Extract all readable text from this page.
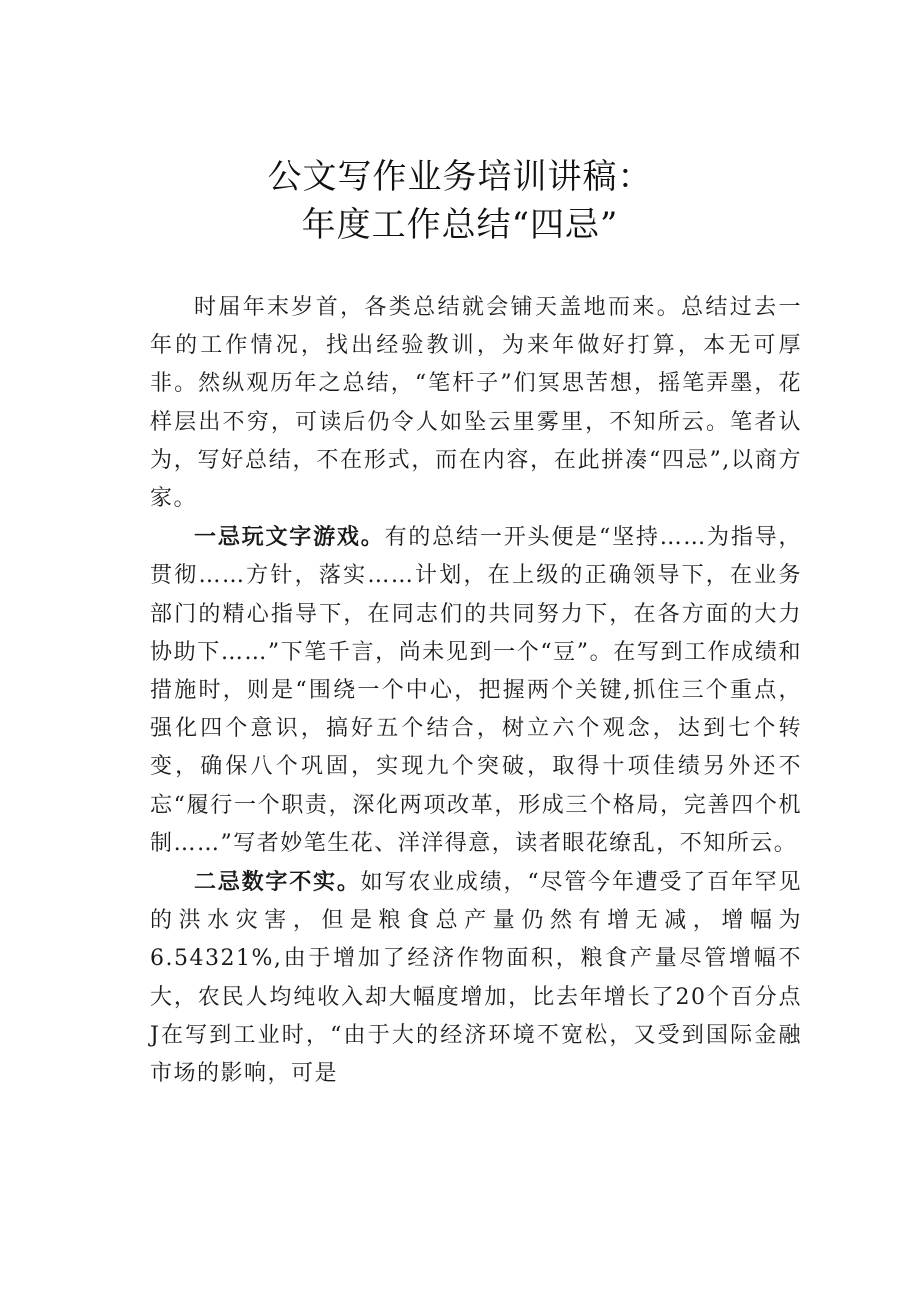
公文写作业务培训讲稿：
年度工作总结“四忌”

时届年末岁首，各类总结就会铺天盖地而来。总结过去一年的工作情况，找出经验教训，为来年做好打算，本无可厚非。然纵观历年之总结，“笔杆子”们冥思苦想，摇笔弄墨，花样层出不穷，可读后仍令人如坠云里雾里，不知所云。笔者认为，写好总结，不在形式，而在内容，在此拼凑“四忌”,以商方家。

一忌玩文字游戏。有的总结一开头便是“坚持……为指导，贯彻……方针，落实……计划，在上级的正确领导下，在业务部门的精心指导下，在同志们的共同努力下，在各方面的大力协助下……”下笔千言，尚未见到一个“豆”。在写到工作成绩和措施时，则是“围绕一个中心，把握两个关键,抓住三个重点，强化四个意识，搞好五个结合，树立六个观念，达到七个转变，确保八个巩固，实现九个突破，取得十项佳绩另外还不忘“履行一个职责，深化两项改革，形成三个格局，完善四个机制……”写者妙笔生花、洋洋得意，读者眼花缭乱，不知所云。

二忌数字不实。如写农业成绩，“尽管今年遭受了百年罕见的洪水灾害，但是粮食总产量仍然有增无减，增幅为6.54321%,由于增加了经济作物面积，粮食产量尽管增幅不大，农民人均纯收入却大幅度增加，比去年增长了20个百分点J在写到工业时，“由于大的经济环境不宽松，又受到国际金融市场的影响，可是
